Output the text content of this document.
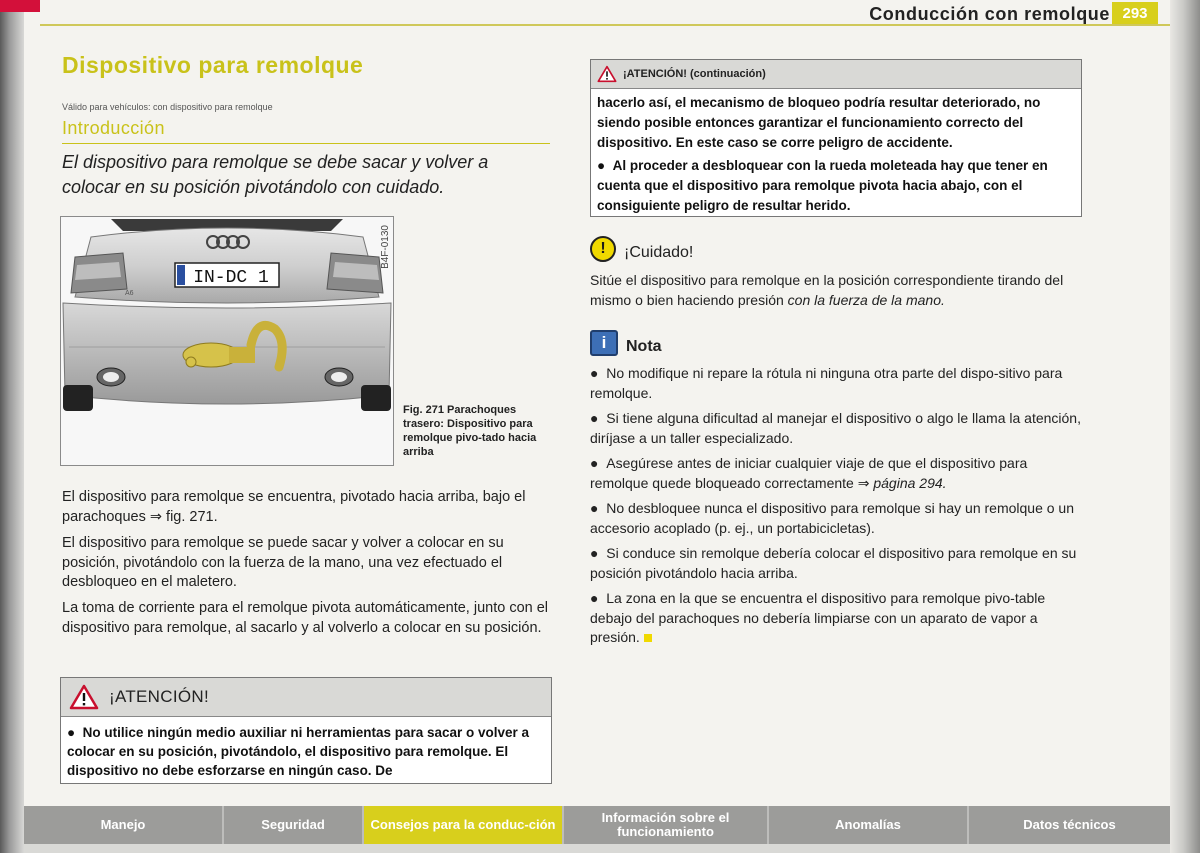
Conducción con remolque 293
Dispositivo para remolque
Válido para vehículos: con dispositivo para remolque
Introducción
El dispositivo para remolque se debe sacar y volver a colocar en su posición pivotándolo con cuidado.
IN-DC 1
A6
B4F-0130
Fig. 271 Parachoques trasero: Dispositivo para remolque pivo-tado hacia arriba
El dispositivo para remolque se encuentra, pivotado hacia arriba, bajo el parachoques ⇒ fig. 271.
El dispositivo para remolque se puede sacar y volver a colocar en su posición, pivotándolo con la fuerza de la mano, una vez efectuado el desbloqueo en el maletero.
La toma de corriente para el remolque pivota automáticamente, junto con el dispositivo para remolque, al sacarlo y al volverlo a colocar en su posición.
¡ATENCIÓN!
●  No utilice ningún medio auxiliar ni herramientas para sacar o volver a colocar en su posición, pivotándolo, el dispositivo para remolque. El dispositivo no debe esforzarse en ningún caso. De
¡ATENCIÓN! (continuación)

hacerlo así, el mecanismo de bloqueo podría resultar deteriorado, no siendo posible entonces garantizar el funcionamiento correcto del dispositivo. En este caso se corre peligro de accidente.

●  Al proceder a desbloquear con la rueda moleteada hay que tener en cuenta que el dispositivo para remolque pivota hacia abajo, con el consiguiente peligro de resultar herido.

!	¡Cuidado!
Sitúe el dispositivo para remolque en la posición correspondiente tirando del mismo o bien haciendo presión con la fuerza de la mano.
i	Nota

●  No modifique ni repare la rótula ni ninguna otra parte del dispo-sitivo para remolque.

●  Si tiene alguna dificultad al manejar el dispositivo o algo le llama la atención, diríjase a un taller especializado.

●  Asegúrese antes de iniciar cualquier viaje de que el dispositivo para remolque quede bloqueado correctamente ⇒ página 294.

●  No desbloquee nunca el dispositivo para remolque si hay un remolque o un accesorio acoplado (p. ej., un portabicicletas).

●  Si conduce sin remolque debería colocar el dispositivo para remolque en su posición pivotándolo hacia arriba.

●  La zona en la que se encuentra el dispositivo para remolque pivo-table debajo del parachoques no debería limpiarse con un aparato de vapor a presión.

Manejo	Seguridad	Consejos para la conduc-ción	Información sobre el funcionamiento	Anomalías	Datos técnicos
